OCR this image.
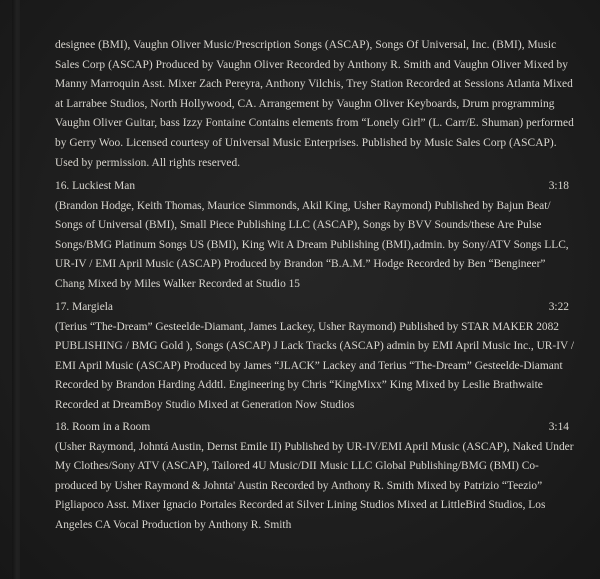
designee (BMI), Vaughn Oliver Music/Prescription Songs (ASCAP), Songs Of Universal, Inc. (BMI), Music Sales Corp (ASCAP) Produced by Vaughn Oliver Recorded by Anthony R. Smith and Vaughn Oliver Mixed by Manny Marroquin Asst. Mixer Zach Pereyra, Anthony Vilchis, Trey Station Recorded at Sessions Atlanta Mixed at Larrabee Studios, North Hollywood, CA. Arrangement by Vaughn Oliver Keyboards, Drum programming Vaughn Oliver Guitar, bass Izzy Fontaine Contains elements from “Lonely Girl” (L. Carr/E. Shuman) performed by Gerry Woo. Licensed courtesy of Universal Music Enterprises. Published by Music Sales Corp (ASCAP). Used by permission. All rights reserved.

16. Luckiest Man	3:18

(Brandon Hodge, Keith Thomas, Maurice Simmonds, Akil King, Usher Raymond) Published by Bajun Beat/ Songs of Universal (BMI), Small Piece Publishing LLC (ASCAP), Songs by BVV Sounds/these Are Pulse Songs/BMG Platinum Songs US (BMI), King Wit A Dream Publishing (BMI),admin. by Sony/ATV Songs LLC, UR-IV / EMI April Music (ASCAP) Produced by Brandon “B.A.M.” Hodge Recorded by Ben “Bengineer” Chang Mixed by Miles Walker Recorded at Studio 15

17. Margiela	3:22

(Terius “The-Dream” Gesteelde-Diamant, James Lackey, Usher Raymond) Published by STAR MAKER 2082 PUBLISHING / BMG Gold ), Songs (ASCAP) J Lack Tracks (ASCAP) admin by EMI April Music Inc., UR-IV / EMI April Music (ASCAP) Produced by James “JLACK” Lackey and Terius “The-Dream” Gesteelde-Diamant Recorded by Brandon Harding Addtl. Engineering by Chris “KingMixx” King Mixed by Leslie Brathwaite Recorded at DreamBoy Studio Mixed at Generation Now Studios

18. Room in a Room	3:14

(Usher Raymond, Johntá Austin, Dernst Emile II) Published by UR-IV/EMI April Music (ASCAP), Naked Under My Clothes/Sony ATV (ASCAP), Tailored 4U Music/DII Music LLC Global Publishing/BMG (BMI) Co-produced by Usher Raymond & Johnta' Austin Recorded by Anthony R. Smith Mixed by Patrizio “Teezio” Pigliapoco Asst. Mixer Ignacio Portales Recorded at Silver Lining Studios Mixed at LittleBird Studios, Los Angeles CA Vocal Production by Anthony R. Smith
